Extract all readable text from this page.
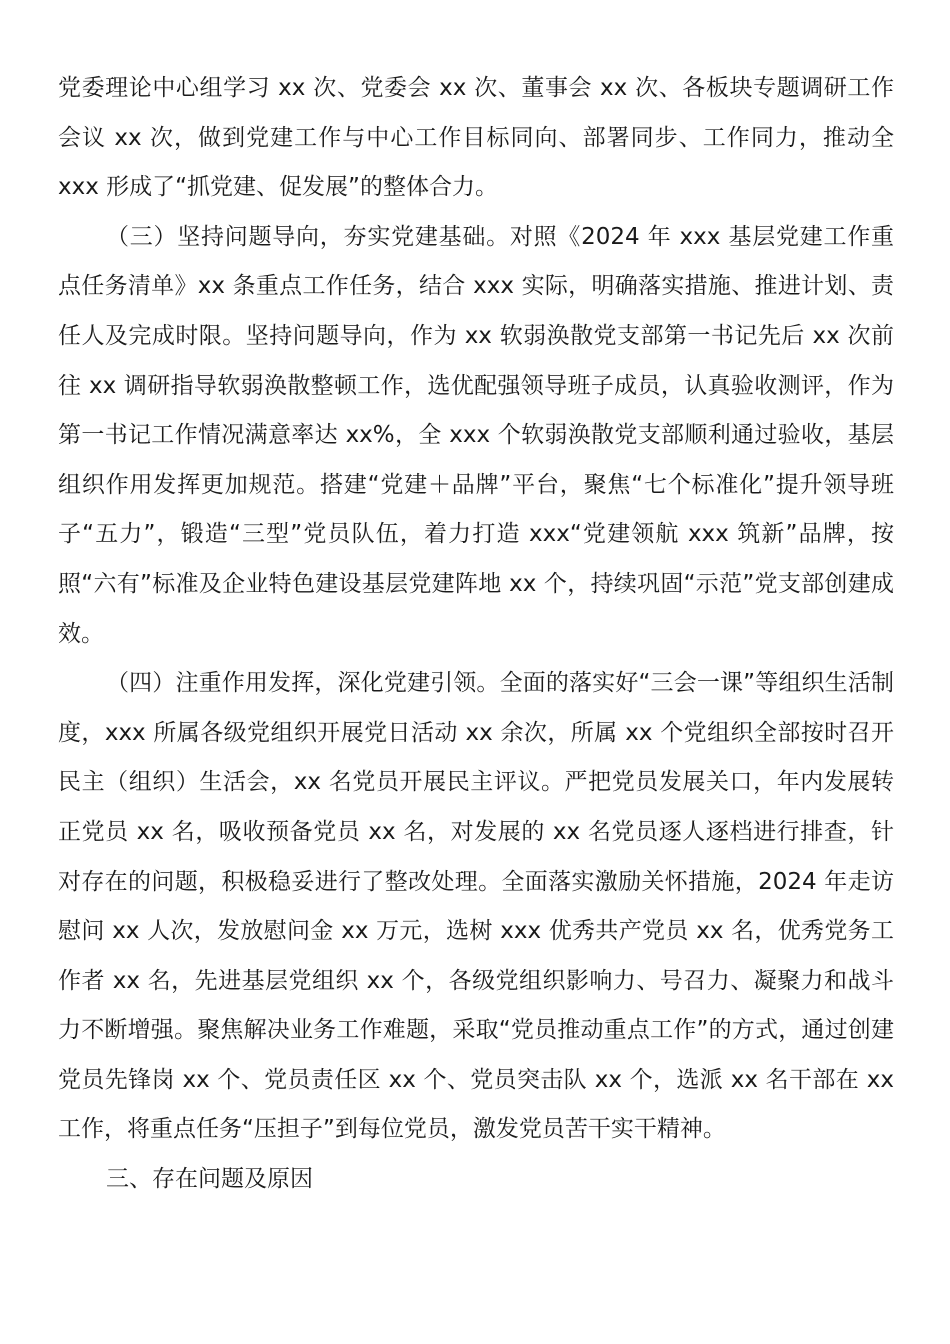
党委理论中心组学习 xx 次、党委会 xx 次、董事会 xx 次、各板块专题调研工作会议 xx 次，做到党建工作与中心工作目标同向、部署同步、工作同力，推动全 xxx 形成了“抓党建、促发展”的整体合力。

（三）坚持问题导向，夯实党建基础。对照《2024 年 xxx 基层党建工作重点任务清单》xx 条重点工作任务，结合 xxx 实际，明确落实措施、推进计划、责任人及完成时限。坚持问题导向，作为 xx 软弱涣散党支部第一书记先后 xx 次前往 xx 调研指导软弱涣散整顿工作，选优配强领导班子成员，认真验收测评，作为第一书记工作情况满意率达 xx%，全 xxx 个软弱涣散党支部顺利通过验收，基层组织作用发挥更加规范。搭建“党建＋品牌”平台，聚焦“七个标准化”提升领导班子“五力”，锻造“三型”党员队伍，着力打造 xxx“党建领航 xxx 筑新”品牌，按照“六有”标准及企业特色建设基层党建阵地 xx 个，持续巩固“示范”党支部创建成效。

（四）注重作用发挥，深化党建引领。全面的落实好“三会一课”等组织生活制度，xxx 所属各级党组织开展党日活动 xx 余次，所属 xx 个党组织全部按时召开民主（组织）生活会，xx 名党员开展民主评议。严把党员发展关口，年内发展转正党员 xx 名，吸收预备党员 xx 名，对发展的 xx 名党员逐人逐档进行排查，针对存在的问题，积极稳妥进行了整改处理。全面落实激励关怀措施，2024 年走访慰问 xx 人次，发放慰问金 xx 万元，选树 xxx 优秀共产党员 xx 名，优秀党务工作者 xx 名，先进基层党组织 xx 个，各级党组织影响力、号召力、凝聚力和战斗力不断增强。聚焦解决业务工作难题，采取“党员推动重点工作”的方式，通过创建党员先锋岗 xx 个、党员责任区 xx 个、党员突击队 xx 个，选派 xx 名干部在 xx 工作，将重点任务“压担子”到每位党员，激发党员苦干实干精神。

三、存在问题及原因
